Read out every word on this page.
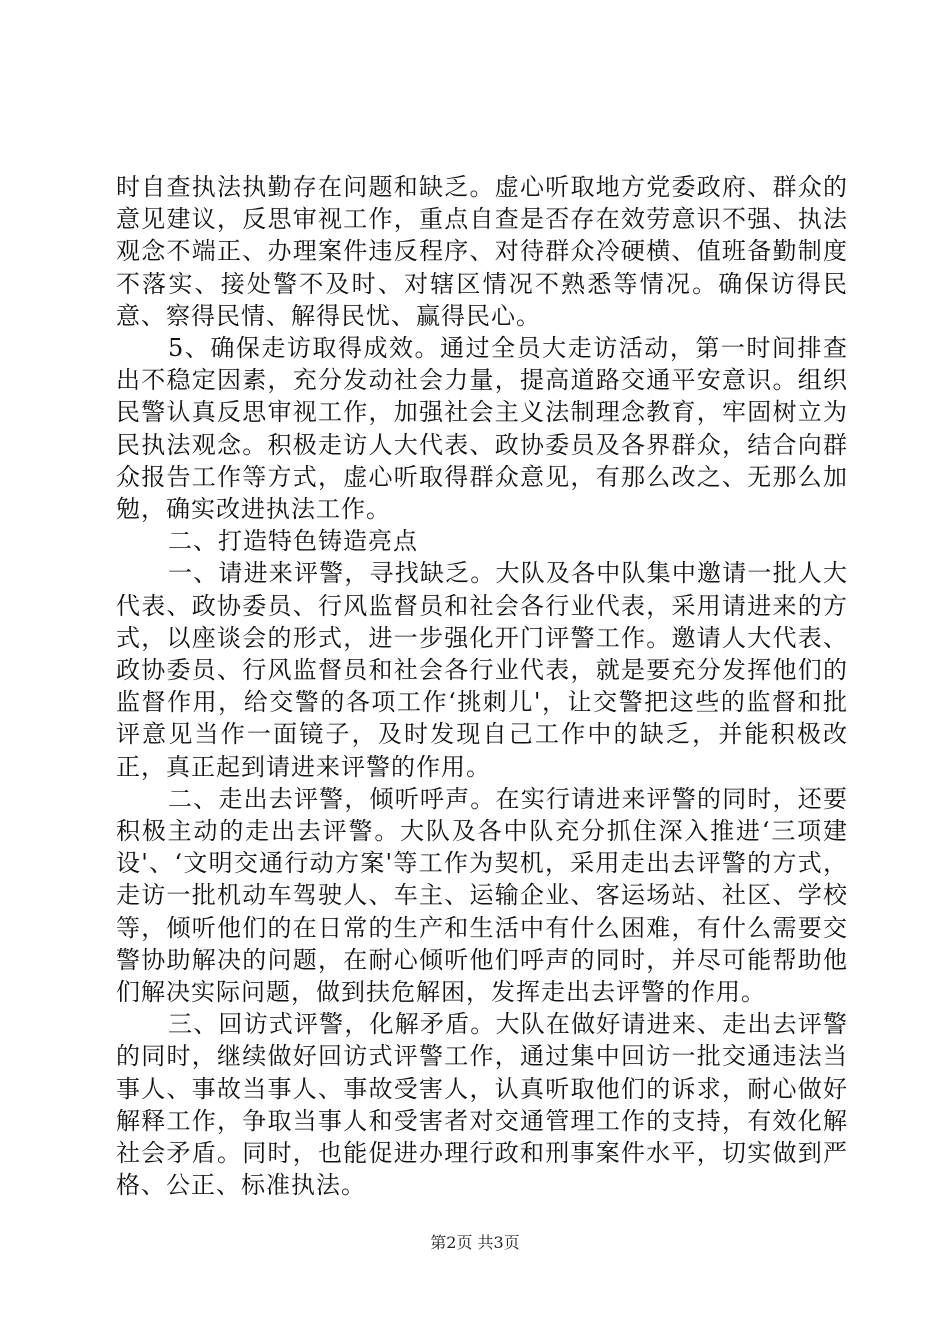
时自查执法执勤存在问题和缺乏。虚心听取地方党委政府、群众的意见建议，反思审视工作，重点自查是否存在效劳意识不强、执法观念不端正、办理案件违反程序、对待群众冷硬横、值班备勤制度不落实、接处警不及时、对辖区情况不熟悉等情况。确保访得民意、察得民情、解得民忧、赢得民心。

5、确保走访取得成效。通过全员大走访活动，第一时间排查出不稳定因素，充分发动社会力量，提高道路交通平安意识。组织民警认真反思审视工作，加强社会主义法制理念教育，牢固树立为民执法观念。积极走访人大代表、政协委员及各界群众，结合向群众报告工作等方式，虚心听取得群众意见，有那么改之、无那么加勉，确实改进执法工作。

二、打造特色铸造亮点

一、请进来评警，寻找缺乏。大队及各中队集中邀请一批人大代表、政协委员、行风监督员和社会各行业代表，采用请进来的方式，以座谈会的形式，进一步强化开门评警工作。邀请人大代表、政协委员、行风监督员和社会各行业代表，就是要充分发挥他们的监督作用，给交警的各项工作‘挑刺儿'，让交警把这些的监督和批评意见当作一面镜子，及时发现自己工作中的缺乏，并能积极改正，真正起到请进来评警的作用。

二、走出去评警，倾听呼声。在实行请进来评警的同时，还要积极主动的走出去评警。大队及各中队充分抓住深入推进‘三项建设'、‘文明交通行动方案'等工作为契机，采用走出去评警的方式，走访一批机动车驾驶人、车主、运输企业、客运场站、社区、学校等，倾听他们的在日常的生产和生活中有什么困难，有什么需要交警协助解决的问题，在耐心倾听他们呼声的同时，并尽可能帮助他们解决实际问题，做到扶危解困，发挥走出去评警的作用。

三、回访式评警，化解矛盾。大队在做好请进来、走出去评警的同时，继续做好回访式评警工作，通过集中回访一批交通违法当事人、事故当事人、事故受害人，认真听取他们的诉求，耐心做好解释工作，争取当事人和受害者对交通管理工作的支持，有效化解社会矛盾。同时，也能促进办理行政和刑事案件水平，切实做到严格、公正、标准执法。

第2页 共3页
